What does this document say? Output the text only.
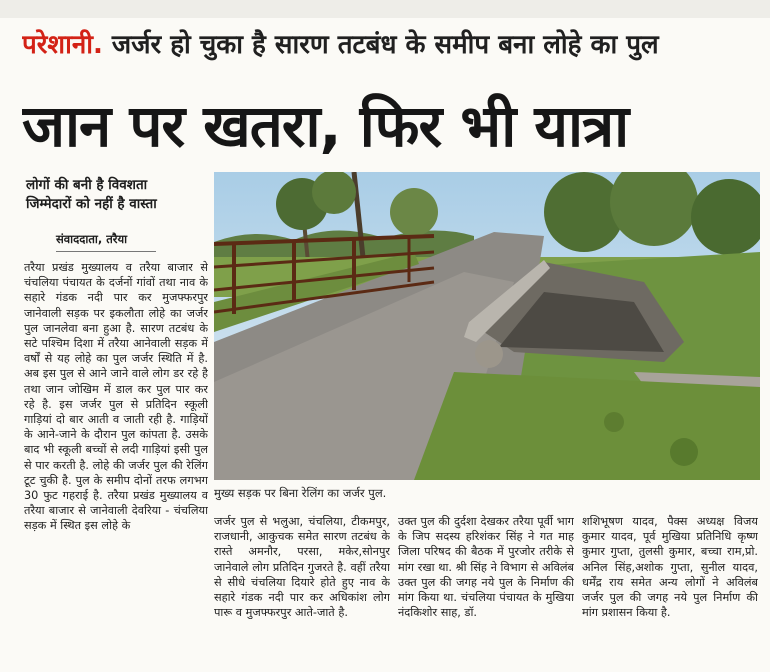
परेशानी. जर्जर हो चुका है सारण तटबंध के समीप बना लोहे का पुल
जान पर खतरा, फिर भी यात्रा
लोगों की बनी है विवशता
जिम्मेदारों को नहीं है वास्ता
संवाददाता, तरैया
तरैया प्रखंड मुख्यालय व तरैया बाजार से चंचलिया पंचायत के दर्जनों गांवों तथा नाव के सहारे गंडक नदी पार कर मुजफ्फरपुर जानेवाली सड़क पर इकलौता लोहे का जर्जर पुल जानलेवा बना हुआ है. सारण तटबंध के सटे पश्चिम दिशा में तरैया आनेवाली सड़क में वर्षों से यह लोहे का पुल जर्जर स्थिति में है. अब इस पुल से आने जाने वाले लोग डर रहे है तथा जान जोखिम में डाल कर पुल पार कर रहे है. इस जर्जर पुल से प्रतिदिन स्कूली गाड़ियां दो बार आती व जाती रही है. गाड़ियों के आने-जाने के दौरान पुल कांपता है. उसके बाद भी स्कूली बच्चों से लदी गाड़ियां इसी पुल से पार करती है. लोहे की जर्जर पुल की रेलिंग टूट चुकी है. पुल के समीप दोनों तरफ लगभग 30 फुट गहराई है. तरैया प्रखंड मुख्यालय व तरैया बाजार से जानेवाली देवरिया - चंचलिया सड़क में स्थित इस लोहे के
मुख्य सड़क पर बिना रेलिंग का जर्जर पुल.
जर्जर पुल से भलुआ, चंचलिया, टीकमपुर, राजधानी, आकुचक समेत सारण तटबंध के रास्ते अमनौर, परसा, मकेर,सोनपुर जानेवाले लोग प्रतिदिन गुजरते है. वहीं तरैया से सीधे चंचलिया दियारे होते हुए नाव के सहारे गंडक नदी पार कर अधिकांश लोग पारू व मुजफ्फरपुर आते-जाते है.
उक्त पुल की दुर्दशा देखकर तरैया पूर्वी भाग के जिप सदस्य हरिशंकर सिंह ने गत माह जिला परिषद की बैठक में पुरजोर तरीके से मांग रखा था. श्री सिंह ने विभाग से अविलंब उक्त पुल की जगह नये पुल के निर्माण की मांग किया था. चंचलिया पंचायत के मुखिया नंदकिशोर साह, डॉ.
शशिभूषण यादव, पैक्स अध्यक्ष विजय कुमार यादव, पूर्व मुखिया प्रतिनिधि कृष्ण कुमार गुप्ता, तुलसी कुमार, बच्चा राम,प्रो. अनिल सिंह,अशोक गुप्ता, सुनील यादव, धर्मेंद्र राय समेत अन्य लोगों ने अविलंब जर्जर पुल की जगह नये पुल निर्माण की मांग प्रशासन किया है.
